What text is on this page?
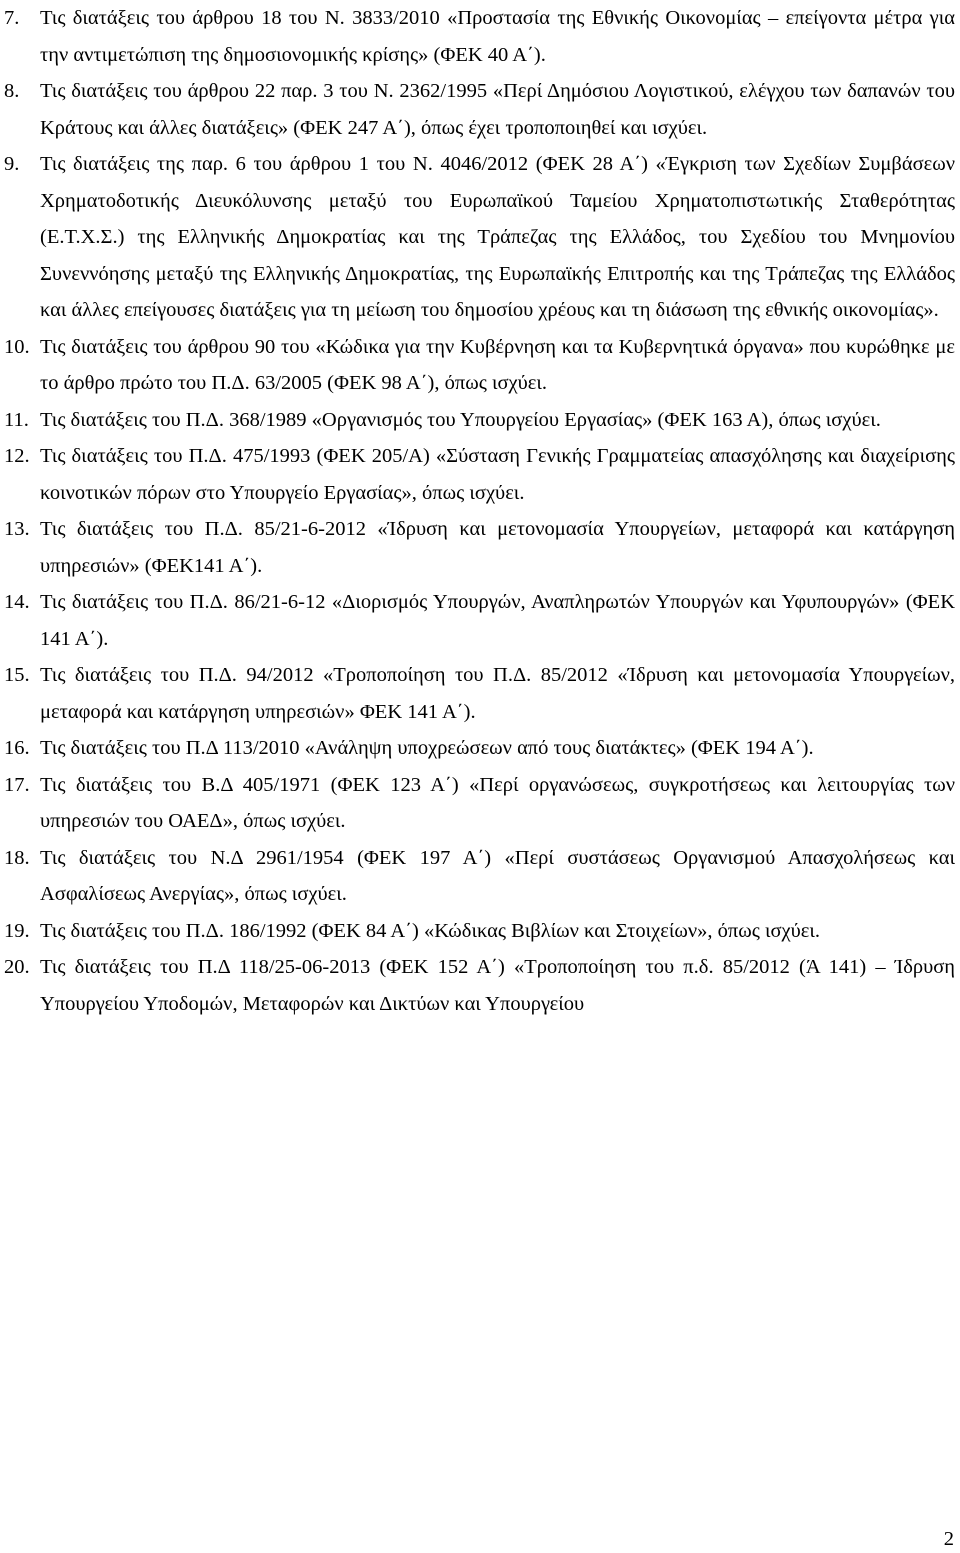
7. Τις διατάξεις του άρθρου 18 του Ν. 3833/2010 «Προστασία της Εθνικής Οικονομίας – επείγοντα μέτρα για την αντιμετώπιση της δημοσιονομικής κρίσης» (ΦΕΚ 40 Α΄).
8. Τις διατάξεις του άρθρου 22 παρ. 3 του Ν. 2362/1995 «Περί Δημόσιου Λογιστικού, ελέγχου των δαπανών του Κράτους και άλλες διατάξεις» (ΦΕΚ 247 Α΄), όπως έχει τροποποιηθεί και ισχύει.
9. Τις διατάξεις της παρ. 6 του άρθρου 1 του Ν. 4046/2012 (ΦΕΚ 28 Α΄) «Έγκριση των Σχεδίων Συμβάσεων Χρηματοδοτικής Διευκόλυνσης μεταξύ του Ευρωπαϊκού Ταμείου Χρηματοπιστωτικής Σταθερότητας (Ε.Τ.Χ.Σ.) της Ελληνικής Δημοκρατίας και της Τράπεζας της Ελλάδος, του Σχεδίου του Μνημονίου Συνεννόησης μεταξύ της Ελληνικής Δημοκρατίας, της Ευρωπαϊκής Επιτροπής και της Τράπεζας της Ελλάδος και άλλες επείγουσες διατάξεις για τη μείωση του δημοσίου χρέους και τη διάσωση της εθνικής οικονομίας».
10. Τις διατάξεις του άρθρου 90 του «Κώδικα για την Κυβέρνηση και τα Κυβερνητικά όργανα» που κυρώθηκε με το άρθρο πρώτο του Π.Δ. 63/2005 (ΦΕΚ 98 Α΄), όπως ισχύει.
11. Τις διατάξεις του Π.Δ. 368/1989 «Οργανισμός του Υπουργείου Εργασίας» (ΦΕΚ 163 Α), όπως ισχύει.
12. Τις διατάξεις του Π.Δ. 475/1993 (ΦΕΚ 205/Α) «Σύσταση Γενικής Γραμματείας απασχόλησης και διαχείρισης κοινοτικών πόρων στο Υπουργείο Εργασίας», όπως ισχύει.
13. Τις διατάξεις του Π.Δ. 85/21-6-2012 «Ίδρυση και μετονομασία Υπουργείων, μεταφορά και κατάργηση υπηρεσιών» (ΦΕΚ141 Α΄).
14. Τις διατάξεις του Π.Δ. 86/21-6-12 «Διορισμός Υπουργών, Αναπληρωτών Υπουργών και Υφυπουργών» (ΦΕΚ 141 Α΄).
15. Τις διατάξεις του Π.Δ. 94/2012 «Τροποποίηση του Π.Δ. 85/2012 «Ίδρυση και μετονομασία Υπουργείων, μεταφορά και κατάργηση υπηρεσιών» ΦΕΚ 141 Α΄).
16. Τις διατάξεις του Π.Δ 113/2010 «Ανάληψη υποχρεώσεων από τους διατάκτες» (ΦΕΚ 194 Α΄).
17. Τις διατάξεις του Β.Δ 405/1971 (ΦΕΚ 123 Α΄) «Περί οργανώσεως, συγκροτήσεως και λειτουργίας των υπηρεσιών του ΟΑΕΔ», όπως ισχύει.
18. Τις διατάξεις του Ν.Δ 2961/1954 (ΦΕΚ 197 Α΄) «Περί συστάσεως Οργανισμού Απασχολήσεως και Ασφαλίσεως Ανεργίας», όπως ισχύει.
19. Τις διατάξεις του Π.Δ. 186/1992 (ΦΕΚ 84 Α΄) «Κώδικας Βιβλίων και Στοιχείων», όπως ισχύει.
20. Τις διατάξεις του Π.Δ 118/25-06-2013 (ΦΕΚ 152 Α΄) «Τροποποίηση του π.δ. 85/2012 (Ά 141) – Ίδρυση Υπουργείου Υποδομών, Μεταφορών και Δικτύων και Υπουργείου
2
